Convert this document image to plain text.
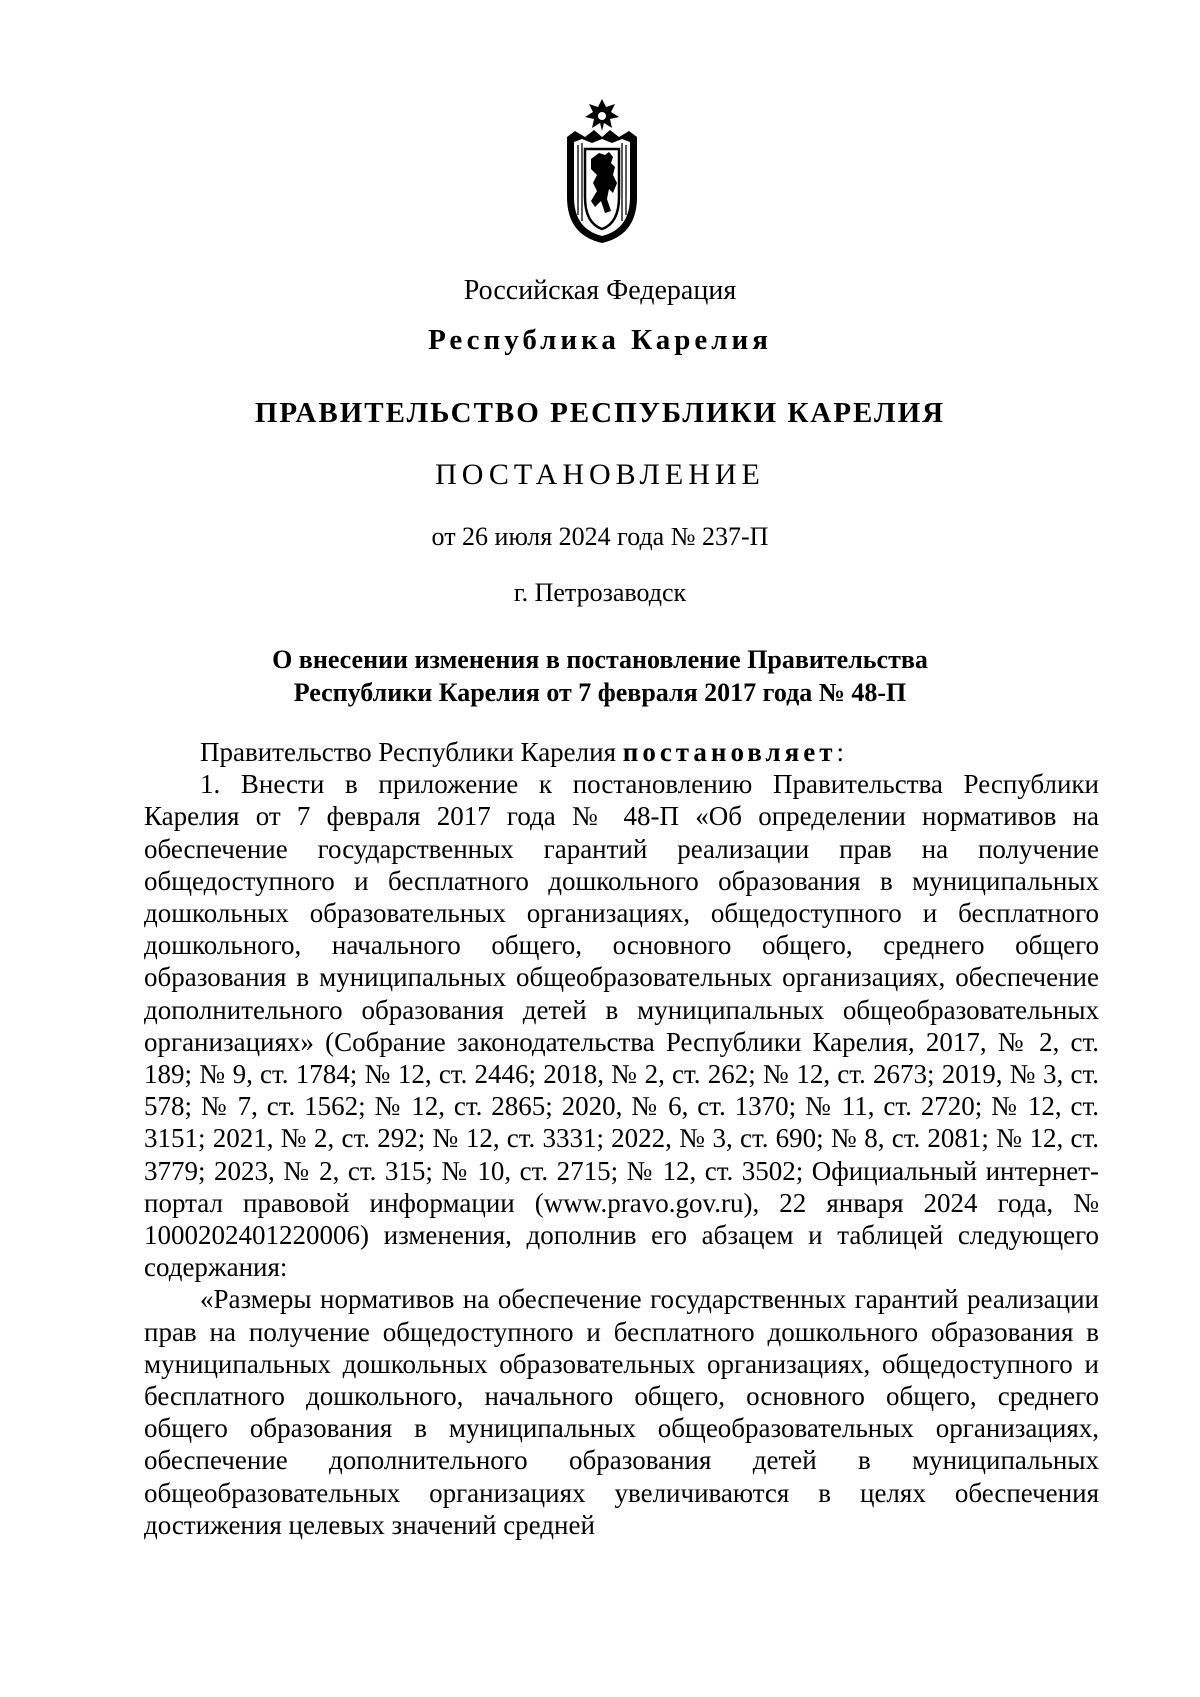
Российская Федерация
Республика Карелия
ПРАВИТЕЛЬСТВО РЕСПУБЛИКИ КАРЕЛИЯ
ПОСТАНОВЛЕНИЕ
от 26 июля 2024 года № 237-П
г. Петрозаводск
О внесении изменения в постановление Правительства
Республики Карелия от 7 февраля 2017 года № 48-П

Правительство Республики Карелия постановляет:

1. Внести в приложение к постановлению Правительства Республики Карелия от 7 февраля 2017 года № 48-П «Об определении нормативов на обеспечение государственных гарантий реализации прав на получение общедоступного и бесплатного дошкольного образования в муниципальных дошкольных образовательных организациях, общедоступного и бесплатного дошкольного, начального общего, основного общего, среднего общего образования в муниципальных общеобразовательных организациях, обеспечение дополнительного образования детей в муниципальных общеобразовательных организациях» (Собрание законодательства Республики Карелия, 2017, № 2, ст. 189; № 9, ст. 1784; № 12, ст. 2446; 2018, № 2, ст. 262; № 12, ст. 2673; 2019, № 3, ст. 578; № 7, ст. 1562; № 12, ст. 2865; 2020, № 6, ст. 1370; № 11, ст. 2720; № 12, ст. 3151; 2021, № 2, ст. 292; № 12, ст. 3331; 2022, № 3, ст. 690; № 8, ст. 2081; № 12, ст. 3779; 2023, № 2, ст. 315; № 10, ст. 2715; № 12, ст. 3502; Официальный интернет-портал правовой информации (www.pravo.gov.ru), 22 января 2024 года, № 1000202401220006) изменения, дополнив его абзацем и таблицей следующего содержания:

«Размеры нормативов на обеспечение государственных гарантий реализации прав на получение общедоступного и бесплатного дошкольного образования в муниципальных дошкольных образовательных организациях, общедоступного и бесплатного дошкольного, начального общего, основного общего, среднего общего образования в муниципальных общеобразовательных организациях, обеспечение дополнительного образования детей в муниципальных общеобразовательных организациях увеличиваются в целях обеспечения достижения целевых значений средней
